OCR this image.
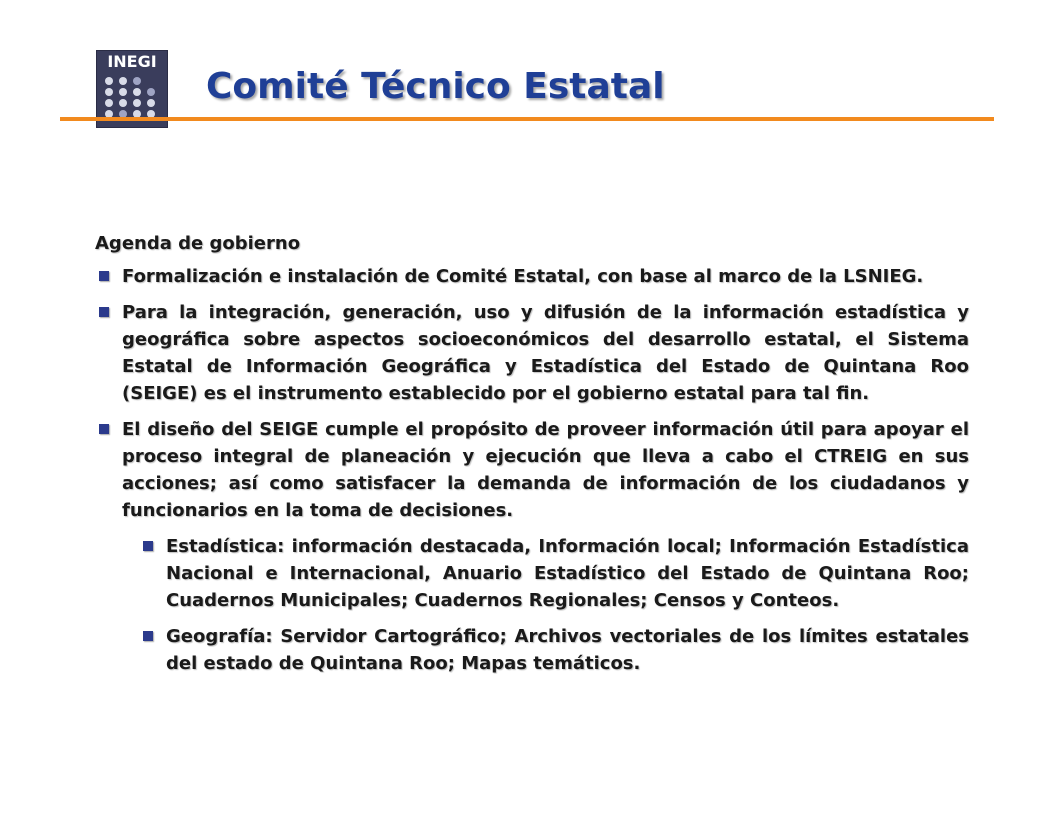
INEGI
Comité Técnico Estatal

Agenda de gobierno

Formalización e instalación de Comité Estatal, con base al marco de la LSNIEG.
Para la integración, generación, uso y difusión de la información estadística y geográfica sobre aspectos socioeconómicos del desarrollo estatal, el Sistema Estatal de Información Geográfica y Estadística del Estado de Quintana Roo (SEIGE) es el instrumento establecido por el gobierno estatal para tal fin.
El diseño del SEIGE cumple el propósito de proveer información útil para apoyar el proceso integral de planeación y ejecución que lleva a cabo el CTREIG en sus acciones; así como satisfacer la demanda de información de los ciudadanos y funcionarios en la toma de decisiones.
Estadística: información destacada, Información local; Información Estadística Nacional e Internacional, Anuario Estadístico del Estado de Quintana Roo; Cuadernos Municipales; Cuadernos Regionales; Censos y Conteos.
Geografía: Servidor Cartográfico; Archivos vectoriales de los límites estatales del estado de Quintana Roo; Mapas temáticos.
